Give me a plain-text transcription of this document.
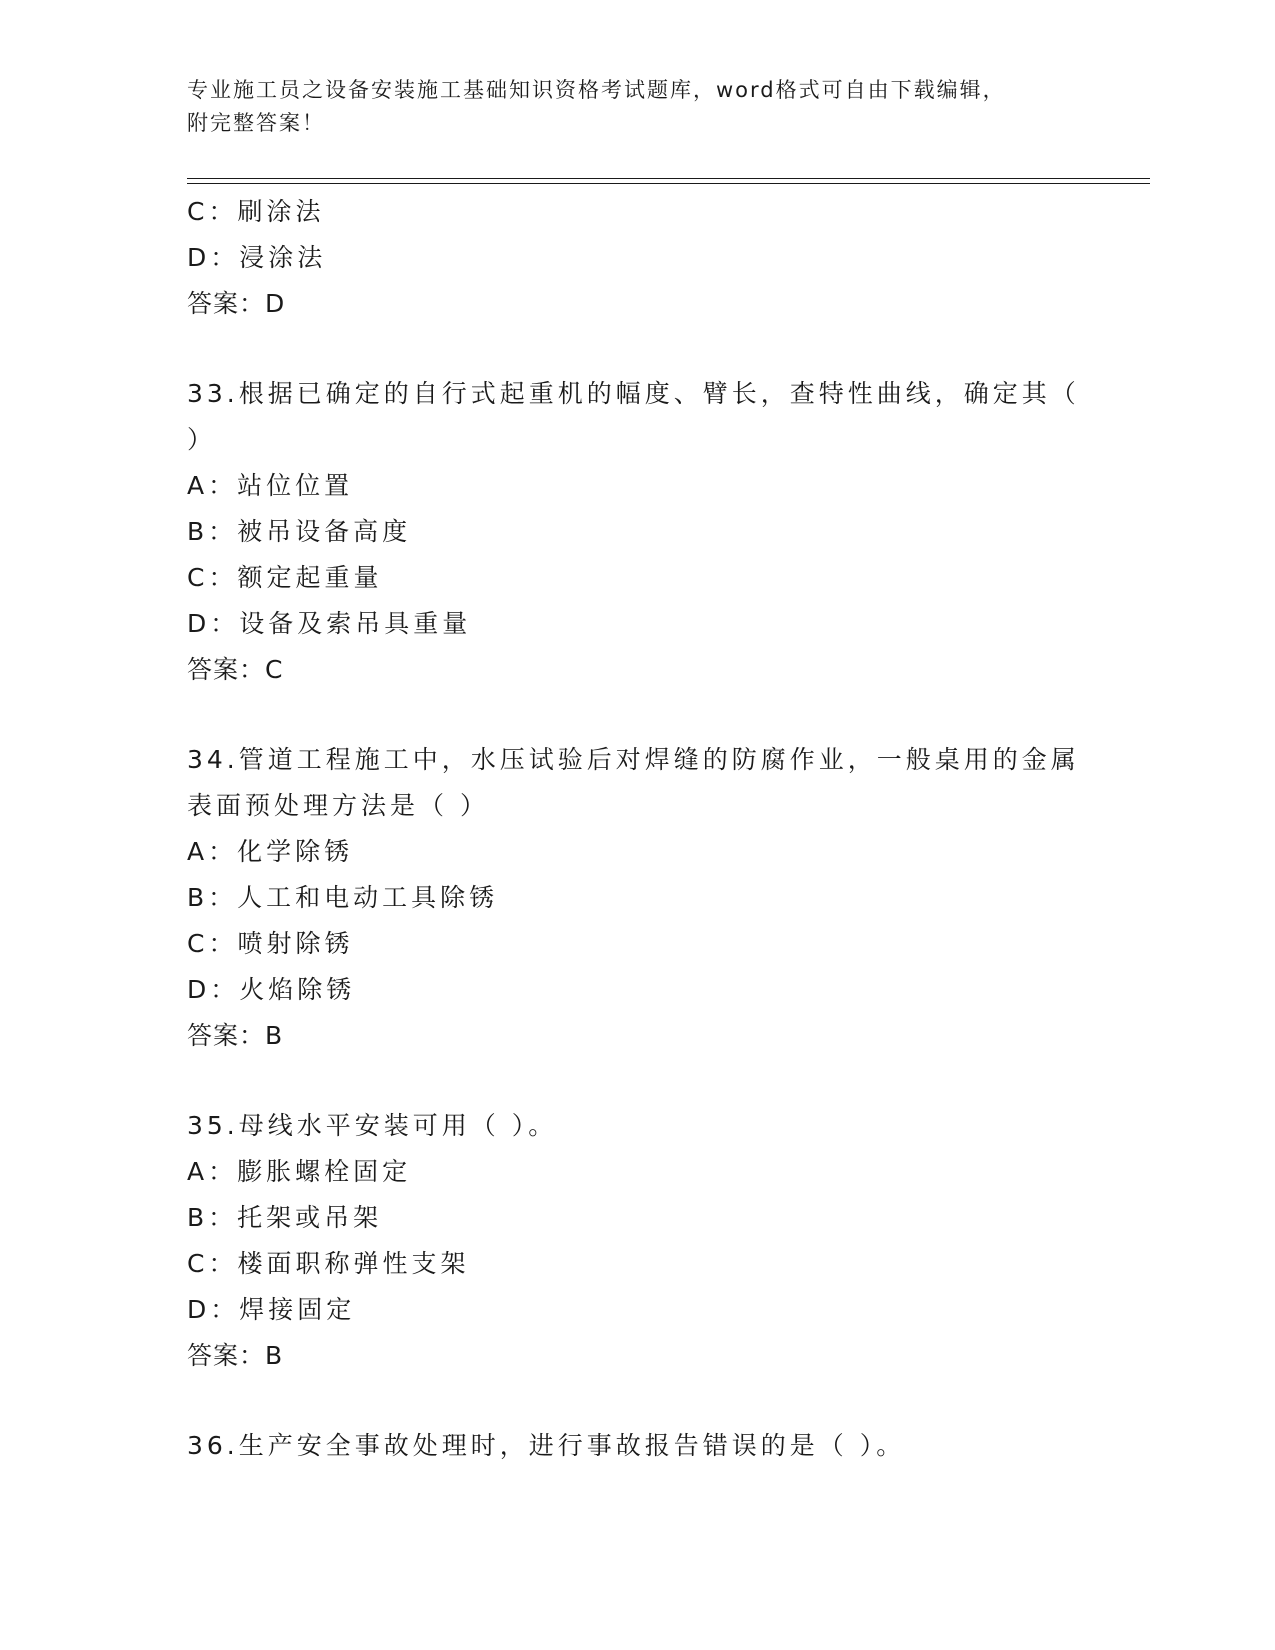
专业施工员之设备安装施工基础知识资格考试题库，word格式可自由下载编辑，
附完整答案！
C：刷涂法
D：浸涂法
答案：D
33.根据已确定的自行式起重机的幅度、臂长，查特性曲线，确定其（
）
A：站位位置
B：被吊设备高度
C：额定起重量
D：设备及索吊具重量
答案：C
34.管道工程施工中，水压试验后对焊缝的防腐作业，一般桌用的金属
表面预处理方法是（ ）
A：化学除锈
B：人工和电动工具除锈
C：喷射除锈
D：火焰除锈
答案：B
35.母线水平安装可用（ ）。
A：膨胀螺栓固定
B：托架或吊架
C：楼面职称弹性支架
D：焊接固定
答案：B
36.生产安全事故处理时，进行事故报告错误的是（ ）。
